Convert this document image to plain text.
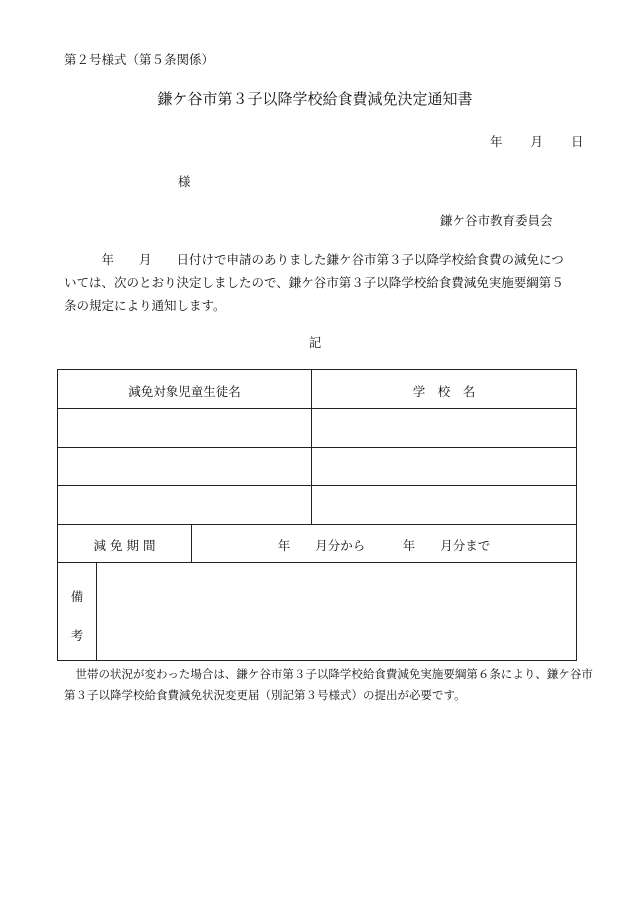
第２号様式（第５条関係）
鎌ケ谷市第３子以降学校給食費減免決定通知書
年 月 日
様
鎌ケ谷市教育委員会
　　　年　　月　　日付けで申請のありました鎌ケ谷市第３子以降学校給食費の減免につ
いては、次のとおり決定しましたので、鎌ケ谷市第３子以降学校給食費減免実施要綱第５
条の規定により通知します。
記
減免対象児童生徒名	学　校　名
減 免 期 間	年　　月分から　　　年　　月分まで
備
考
　世帯の状況が変わった場合は、鎌ケ谷市第３子以降学校給食費減免実施要綱第６条により、鎌ケ谷市
第３子以降学校給食費減免状況変更届（別記第３号様式）の提出が必要です。
